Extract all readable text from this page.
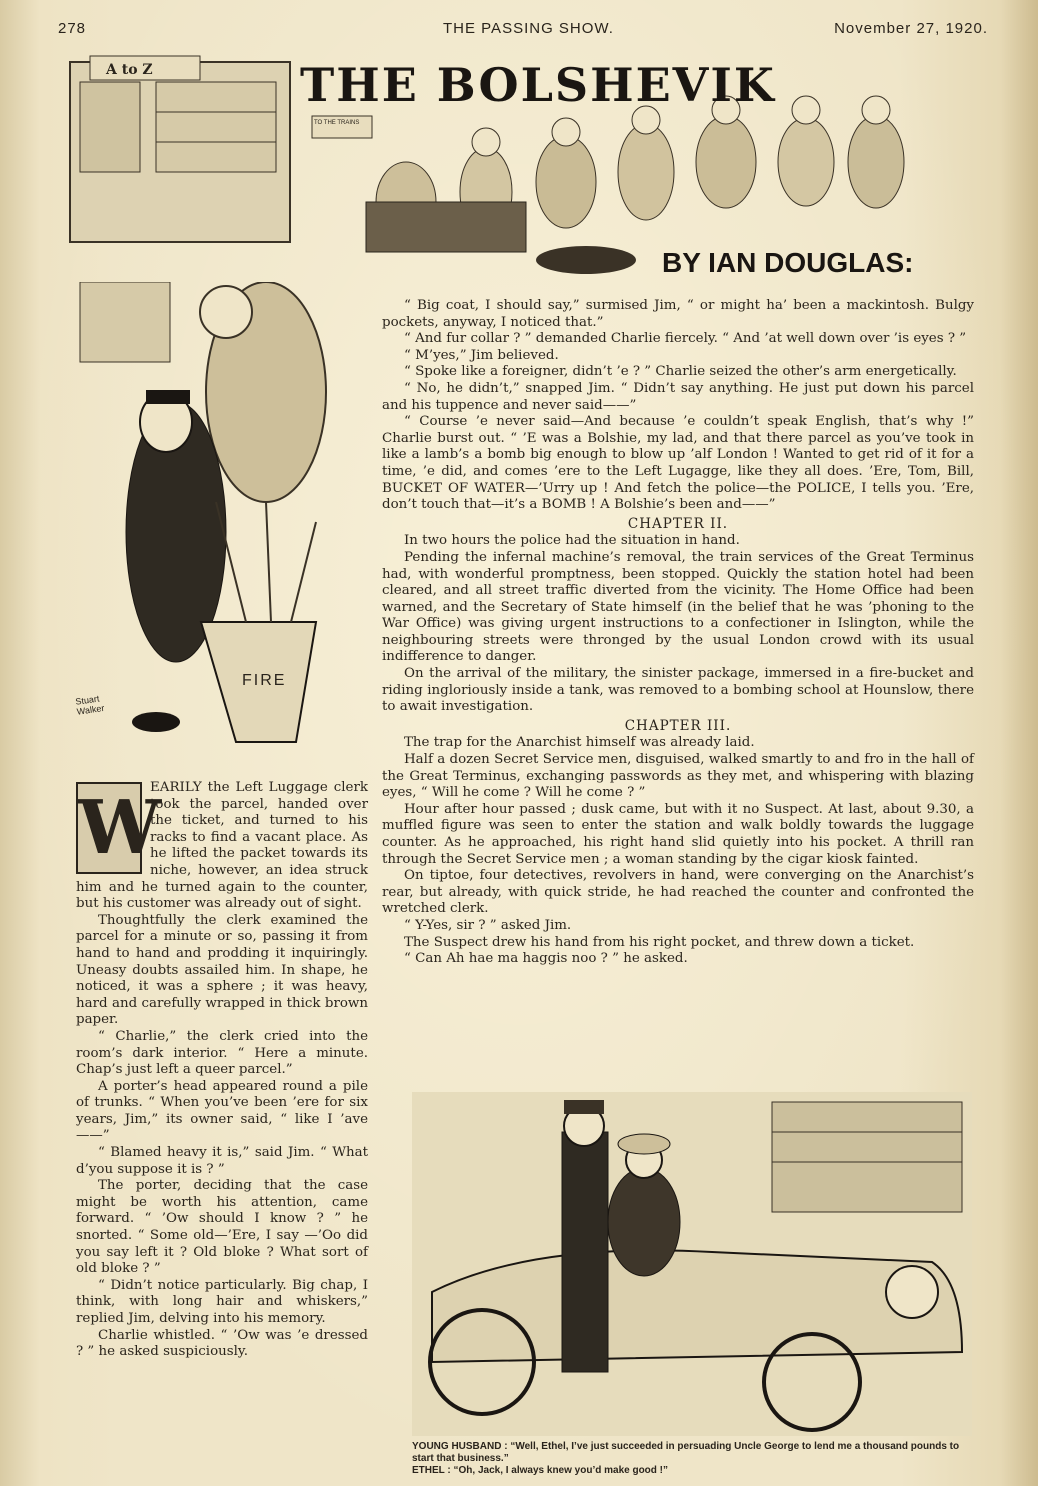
278	THE PASSING SHOW.	November 27, 1920.
A to Z
TO THE TRAINS
THE BOLSHEVIK
BY IAN DOUGLAS:
FIRE
Stuart Walker
W

EARILY the Left Luggage clerk took the parcel, handed over the ticket, and turned to his racks to find a vacant place. As he lifted the packet towards its niche, however, an idea struck him and he turned again to the counter, but his customer was already out of sight.

Thoughtfully the clerk examined the parcel for a minute or so, passing it from hand to hand and prodding it inquiringly. Uneasy doubts assailed him. In shape, he noticed, it was a sphere ; it was heavy, hard and carefully wrapped in thick brown paper.

“ Charlie,” the clerk cried into the room’s dark interior. “ Here a minute. Chap’s just left a queer parcel.”

A porter’s head appeared round a pile of trunks. “ When you’ve been ’ere for six years, Jim,” its owner said, “ like I ’ave——”

“ Blamed heavy it is,” said Jim. “ What d’you suppose it is ? ”

The porter, deciding that the case might be worth his attention, came forward. “ ’Ow should I know ? ” he snorted. “ Some old—’Ere, I say —’Oo did you say left it ? Old bloke ? What sort of old bloke ? ”

“ Didn’t notice particularly. Big chap, I think, with long hair and whiskers,” replied Jim, delving into his memory.

Charlie whistled. “ ’Ow was ’e dressed ? ” he asked suspiciously.

“ Big coat, I should say,” surmised Jim, “ or might ha’ been a mackintosh. Bulgy pockets, anyway, I noticed that.”

“ And fur collar ? ” demanded Charlie fiercely. “ And ’at well down over ’is eyes ? ”

“ M’yes,” Jim believed.

“ Spoke like a foreigner, didn’t ’e ? ” Charlie seized the other’s arm energetically.

“ No, he didn’t,” snapped Jim. “ Didn’t say anything. He just put down his parcel and his tuppence and never said——”

“ Course ’e never said—And because ’e couldn’t speak English, that’s why !” Charlie burst out. “ ’E was a Bolshie, my lad, and that there parcel as you’ve took in like a lamb’s a bomb big enough to blow up ’alf London ! Wanted to get rid of it for a time, ’e did, and comes ’ere to the Left Lugagge, like they all does. ’Ere, Tom, Bill, BUCKET OF WATER—’Urry up ! And fetch the police—the POLICE, I tells you. ’Ere, don’t touch that—it’s a BOMB ! A Bolshie’s been and——”

CHAPTER II.

In two hours the police had the situation in hand.

Pending the infernal machine’s removal, the train services of the Great Terminus had, with wonderful promptness, been stopped. Quickly the station hotel had been cleared, and all street traffic diverted from the vicinity. The Home Office had been warned, and the Secretary of State himself (in the belief that he was ’phoning to the War Office) was giving urgent instructions to a confectioner in Islington, while the neighbouring streets were thronged by the usual London crowd with its usual indifference to danger.

On the arrival of the military, the sinister package, immersed in a fire-bucket and riding ingloriously inside a tank, was removed to a bombing school at Hounslow, there to await investigation.

CHAPTER III.

The trap for the Anarchist himself was already laid.

Half a dozen Secret Service men, disguised, walked smartly to and fro in the hall of the Great Terminus, exchanging passwords as they met, and whispering with blazing eyes, “ Will he come ? Will he come ? ”

Hour after hour passed ; dusk came, but with it no Suspect. At last, about 9.30, a muffled figure was seen to enter the station and walk boldly towards the luggage counter. As he approached, his right hand slid quietly into his pocket. A thrill ran through the Secret Service men ; a woman standing by the cigar kiosk fainted.

On tiptoe, four detectives, revolvers in hand, were converging on the Anarchist’s rear, but already, with quick stride, he had reached the counter and confronted the wretched clerk.

“ Y-Yes, sir ? ” asked Jim.

The Suspect drew his hand from his right pocket, and threw down a ticket.

“ Can Ah hae ma haggis noo ? ” he asked.

YOUNG HUSBAND : “Well, Ethel, I’ve just succeeded in persuading Uncle George to lend me a thousand pounds to start that business.”
ETHEL : “Oh, Jack, I always knew you’d make good !”
